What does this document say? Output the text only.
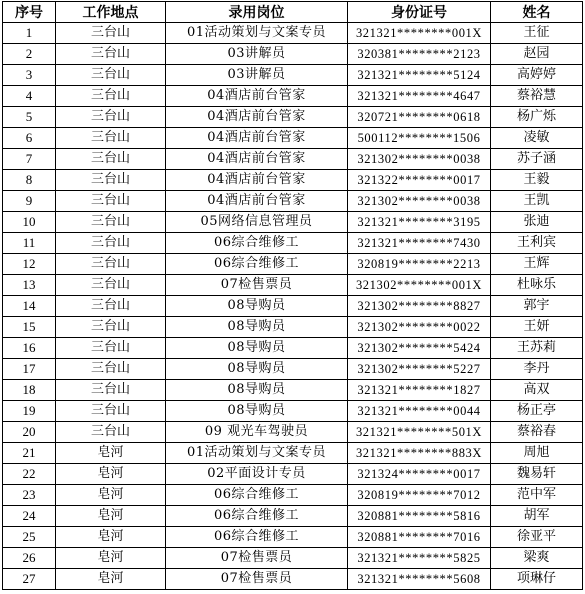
序号	工作地点	录用岗位	身份证号	姓名
1	三台山	01活动策划与文案专员	321321********001X	王征
2	三台山	03讲解员	320381********2123	赵园
3	三台山	03讲解员	321321********5124	高婷婷
4	三台山	04酒店前台管家	321321********4647	蔡裕慧
5	三台山	04酒店前台管家	320721********0618	杨广烁
6	三台山	04酒店前台管家	500112********1506	凌敏
7	三台山	04酒店前台管家	321302********0038	苏子涵
8	三台山	04酒店前台管家	321322********0017	王毅
9	三台山	04酒店前台管家	321302********0038	王凯
10	三台山	05网络信息管理员	321321********3195	张迪
11	三台山	06综合维修工	321321********7430	王利宾
12	三台山	06综合维修工	320819********2213	王辉
13	三台山	07检售票员	321302********001X	杜咏乐
14	三台山	08导购员	321302********8827	郭宇
15	三台山	08导购员	321302********0022	王妍
16	三台山	08导购员	321302********5424	王苏莉
17	三台山	08导购员	321302********5227	李丹
18	三台山	08导购员	321321********1827	高双
19	三台山	08导购员	321321********0044	杨正亭
20	三台山	09 观光车驾驶员	321321********501X	蔡裕春
21	皂河	01活动策划与文案专员	321321********883X	周旭
22	皂河	02平面设计专员	321324********0017	魏易轩
23	皂河	06综合维修工	320819********7012	范中军
24	皂河	06综合维修工	320881********5816	胡军
25	皂河	06综合维修工	320881********7016	徐亚平
26	皂河	07检售票员	321321********5825	梁爽
27	皂河	07检售票员	321321********5608	项琳仔
